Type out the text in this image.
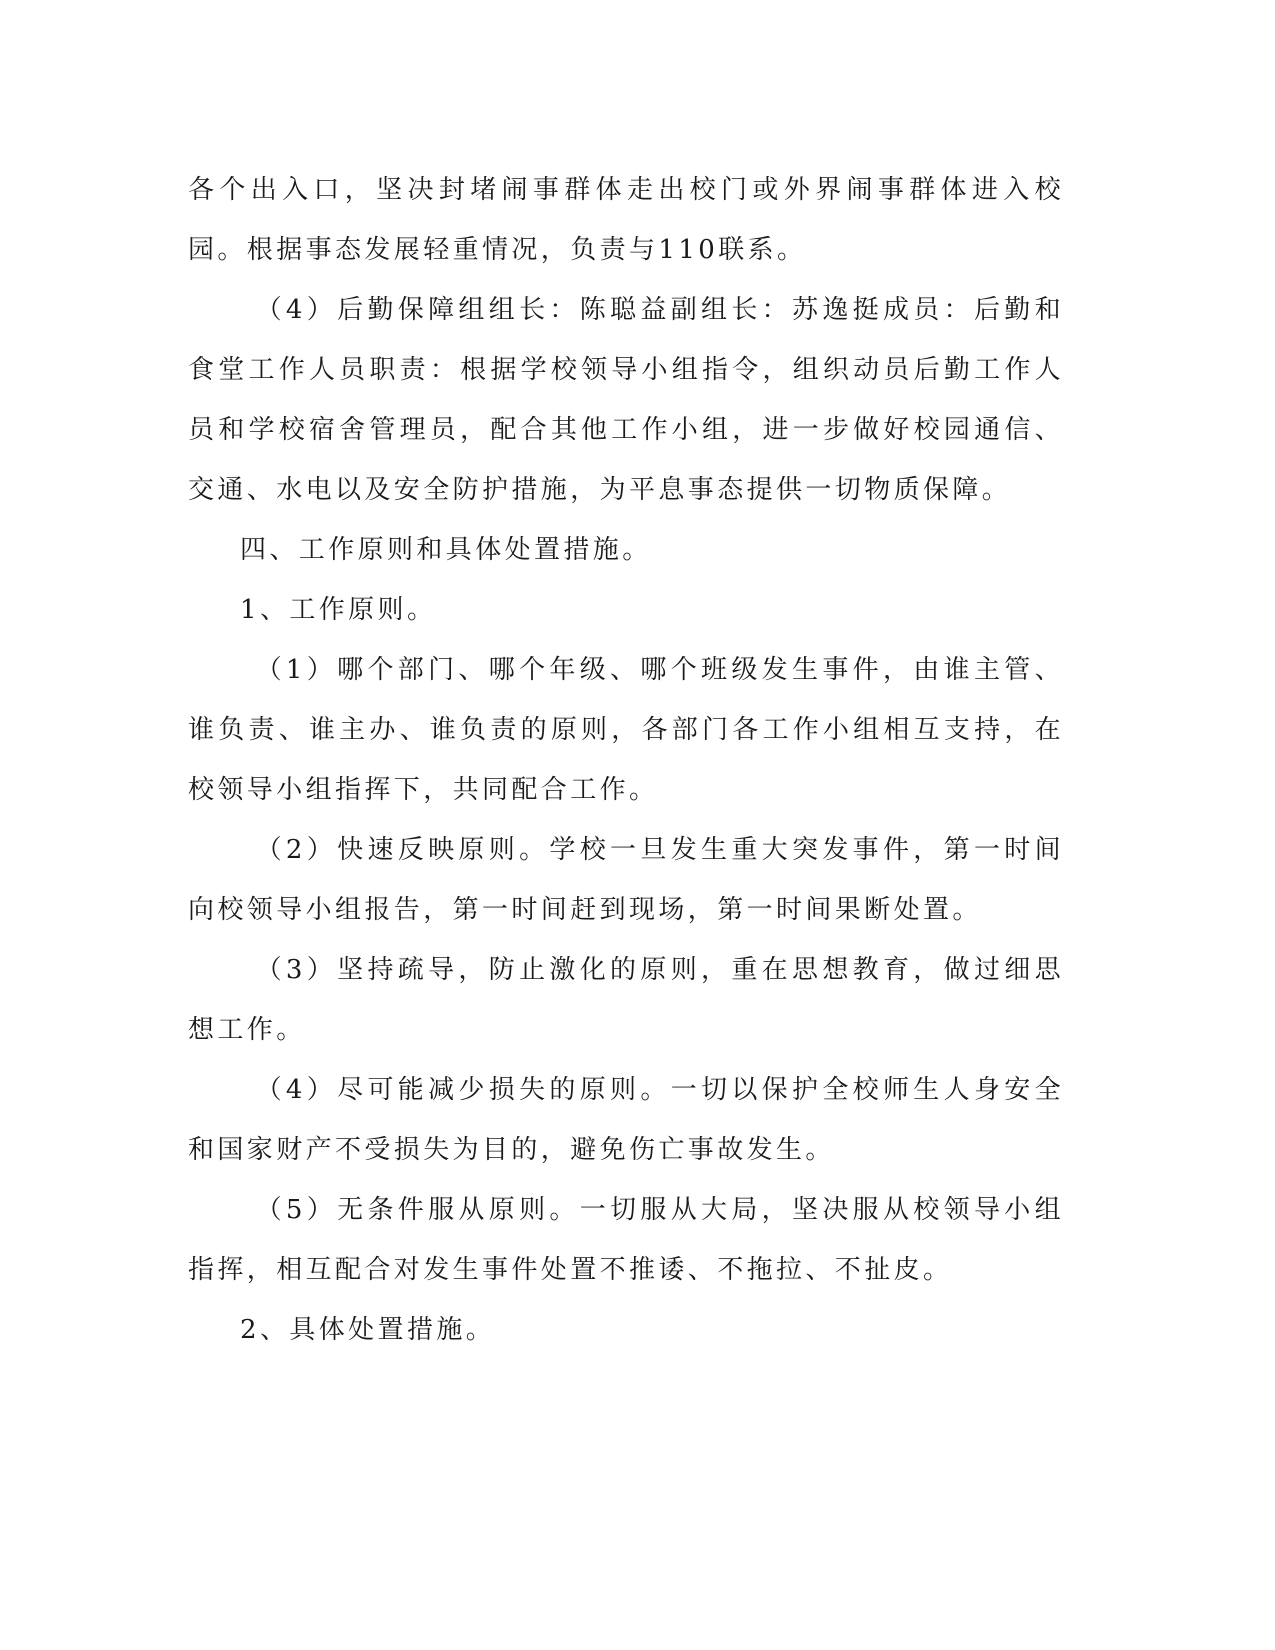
各个出入口，坚决封堵闹事群体走出校门或外界闹事群体进入校园。根据事态发展轻重情况，负责与110联系。

（4）后勤保障组组长：陈聪益副组长：苏逸挺成员：后勤和食堂工作人员职责：根据学校领导小组指令，组织动员后勤工作人员和学校宿舍管理员，配合其他工作小组，进一步做好校园通信、交通、水电以及安全防护措施，为平息事态提供一切物质保障。

四、工作原则和具体处置措施。

1、工作原则。

（1）哪个部门、哪个年级、哪个班级发生事件，由谁主管、谁负责、谁主办、谁负责的原则，各部门各工作小组相互支持，在校领导小组指挥下，共同配合工作。

（2）快速反映原则。学校一旦发生重大突发事件，第一时间向校领导小组报告，第一时间赶到现场，第一时间果断处置。

（3）坚持疏导，防止激化的原则，重在思想教育，做过细思想工作。

（4）尽可能减少损失的原则。一切以保护全校师生人身安全和国家财产不受损失为目的，避免伤亡事故发生。

（5）无条件服从原则。一切服从大局，坚决服从校领导小组指挥，相互配合对发生事件处置不推诿、不拖拉、不扯皮。

2、具体处置措施。
